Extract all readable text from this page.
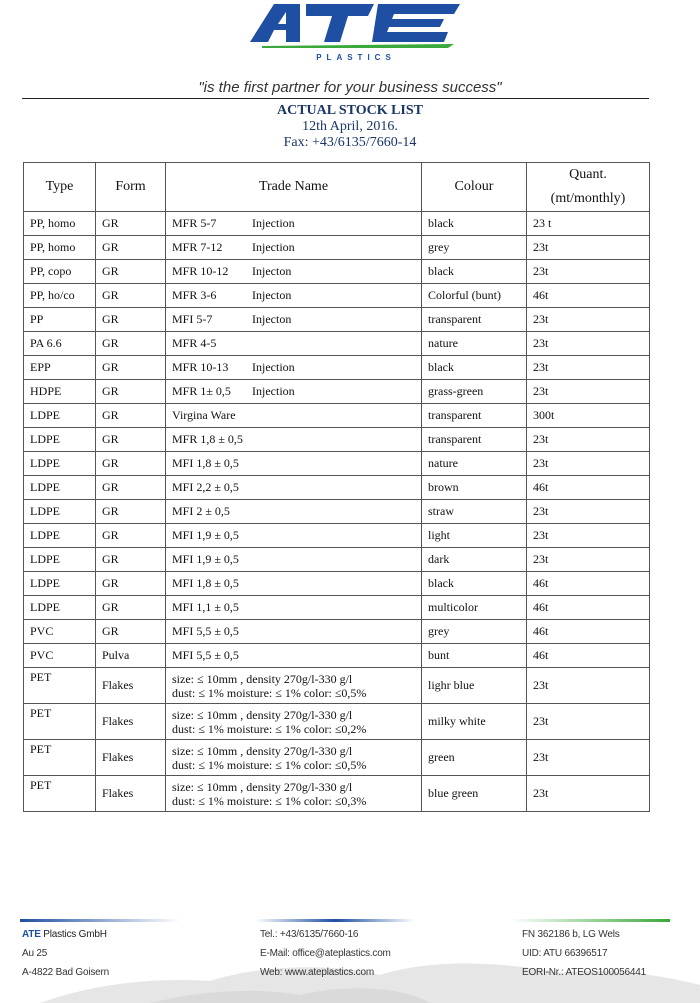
PLASTICS
"is the first partner for your business success"
ACTUAL STOCK LIST
12th April, 2016.
Fax: +43/6135/7660-14
Type	Form	Trade Name	Colour	Quant.
(mt/monthly)

PP, homo	GR	MFR 5-7 Injection	black	23 t
PP, homo	GR	MFR 7-12 Injection	grey	23t
PP, copo	GR	MFR 10-12 Injecton	black	23t
PP, ho/co	GR	MFR 3-6 Injecton	Colorful (bunt)	46t
PP	GR	MFI 5-7 Injecton	transparent	23t
PA 6.6	GR	MFR 4-5	nature	23t
EPP	GR	MFR 10-13 Injection	black	23t
HDPE	GR	MFR 1± 0,5 Injection	grass-green	23t
LDPE	GR	Virgina Ware	transparent	300t
LDPE	GR	MFR 1,8 ± 0,5	transparent	23t
LDPE	GR	MFI 1,8 ± 0,5	nature	23t
LDPE	GR	MFI 2,2 ± 0,5	brown	46t
LDPE	GR	MFI 2 ± 0,5	straw	23t
LDPE	GR	MFI 1,9 ± 0,5	light	23t
LDPE	GR	MFI 1,9 ± 0,5	dark	23t
LDPE	GR	MFI 1,8 ± 0,5	black	46t
LDPE	GR	MFI 1,1 ± 0,5	multicolor	46t
PVC	GR	MFI 5,5 ± 0,5	grey	46t
PVC	Pulva	MFI 5,5 ± 0,5	bunt	46t
PET	Flakes	size: ≤ 10mm , density 270g/l-330 g/l
dust: ≤ 1% moisture: ≤ 1% color: ≤0,5%	lighr blue	23t
PET	Flakes	size: ≤ 10mm , density 270g/l-330 g/l
dust: ≤ 1% moisture: ≤ 1% color: ≤0,2%	milky white	23t
PET	Flakes	size: ≤ 10mm , density 270g/l-330 g/l
dust: ≤ 1% moisture: ≤ 1% color: ≤0,5%	green	23t
PET	Flakes	size: ≤ 10mm , density 270g/l-330 g/l
dust: ≤ 1% moisture: ≤ 1% color: ≤0,3%	blue green	23t
ATE Plastics GmbH
Au 25
A-4822 Bad Goisern
Tel.: +43/6135/7660-16
E-Mail: office@ateplastics.com
Web: www.ateplastics.com
FN 362186 b, LG Wels
UID: ATU 66396517
EORI-Nr.: ATEOS100056441
